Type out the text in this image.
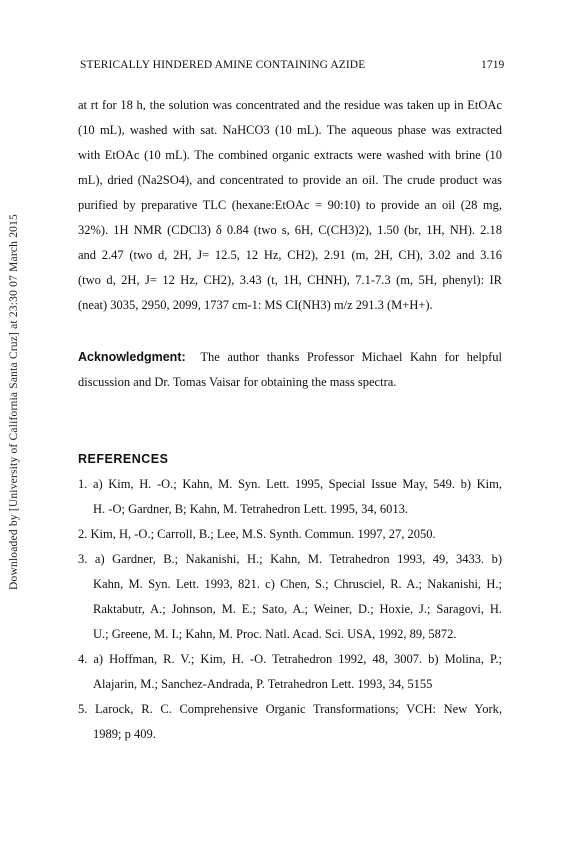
STERICALLY HINDERED AMINE CONTAINING AZIDE	1719
Downloaded by [University of California Santa Cruz] at 23:30 07 March 2015
at rt for 18 h, the solution was concentrated and the residue was taken up in EtOAc
(10 mL), washed with sat. NaHCO3 (10 mL). The aqueous phase was extracted
with EtOAc (10 mL). The combined organic extracts were washed with brine (10
mL), dried (Na2SO4), and concentrated to provide an oil. The crude product was
purified by preparative TLC (hexane:EtOAc = 90:10) to provide an oil (28 mg,
32%). 1H NMR (CDCl3) δ 0.84 (two s, 6H, C(CH3)2), 1.50 (br, 1H, NH). 2.18
and 2.47 (two d, 2H, J= 12.5, 12 Hz, CH2), 2.91 (m, 2H, CH), 3.02 and 3.16
(two d, 2H, J= 12 Hz, CH2), 3.43 (t, 1H, CHNH), 7.1-7.3 (m, 5H, phenyl): IR
(neat) 3035, 2950, 2099, 1737 cm-1: MS CI(NH3) m/z 291.3 (M+H+).
Acknowledgment: The author thanks Professor Michael Kahn for helpful
discussion and Dr. Tomas Vaisar for obtaining the mass spectra.
REFERENCES
1. a) Kim, H. -O.; Kahn, M. Syn. Lett. 1995, Special Issue May, 549. b) Kim,
H. -O; Gardner, B; Kahn, M. Tetrahedron Lett. 1995, 34, 6013.
2. Kim, H, -O.; Carroll, B.; Lee, M.S. Synth. Commun. 1997, 27, 2050.
3. a) Gardner, B.; Nakanishi, H.; Kahn, M. Tetrahedron 1993, 49, 3433. b)
Kahn, M. Syn. Lett. 1993, 821. c) Chen, S.; Chrusciel, R. A.; Nakanishi, H.;
Raktabutr, A.; Johnson, M. E.; Sato, A.; Weiner, D.; Hoxie, J.; Saragovi, H.
U.; Greene, M. I.; Kahn, M. Proc. Natl. Acad. Sci. USA, 1992, 89, 5872.
4. a) Hoffman, R. V.; Kim, H. -O. Tetrahedron 1992, 48, 3007. b) Molina, P.;
Alajarin, M.; Sanchez-Andrada, P. Tetrahedron Lett. 1993, 34, 5155
5. Larock, R. C. Comprehensive Organic Transformations; VCH: New York,
1989; p 409.
